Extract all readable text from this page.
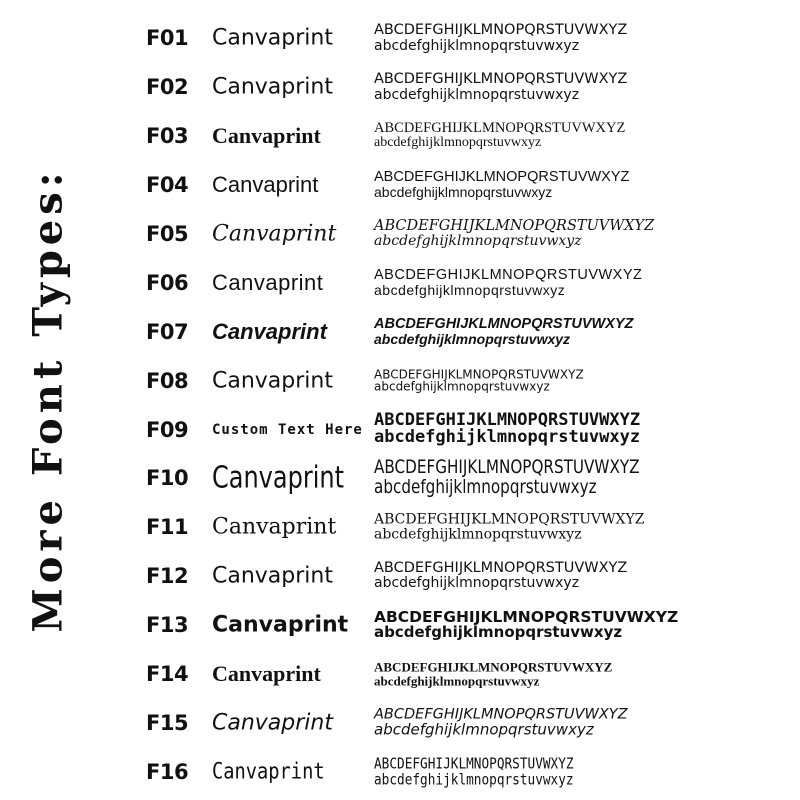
More Font Types:
F01 Canvaprint	ABCDEFGHIJKLMNOPQRSTUVWXYZ
abcdefghijklmnopqrstuvwxyz
F02 Canvaprint	ABCDEFGHIJKLMNOPQRSTUVWXYZ
abcdefghijklmnopqrstuvwxyz
F03 Canvaprint	ABCDEFGHIJKLMNOPQRSTUVWXYZ
abcdefghijklmnopqrstuvwxyz
F04 Canvaprint	ABCDEFGHIJKLMNOPQRSTUVWXYZ
abcdefghijklmnopqrstuvwxyz
F05 Canvaprint	ABCDEFGHIJKLMNOPQRSTUVWXYZ
abcdefghijklmnopqrstuvwxyz
F06 Canvaprint	ABCDEFGHIJKLMNOPQRSTUVWXYZ
abcdefghijklmnopqrstuvwxyz
F07 Canvaprint	ABCDEFGHIJKLMNOPQRSTUVWXYZ
abcdefghijklmnopqrstuvwxyz
F08 Canvaprint	ABCDEFGHIJKLMNOPQRSTUVWXYZ
abcdefghijklmnopqrstuvwxyz
F09 Custom Text Here ABCDEFGHIJKLMNOPQRSTUVWXYZ
abcdefghijklmnopqrstuvwxyz
F10 Canvaprint ABCDEFGHIJKLMNOPQRSTUVWXYZ
abcdefghijklmnopqrstuvwxyz
F11 Canvaprint	ABCDEFGHIJKLMNOPQRSTUVWXYZ
abcdefghijklmnopqrstuvwxyz
F12 Canvaprint	ABCDEFGHIJKLMNOPQRSTUVWXYZ
abcdefghijklmnopqrstuvwxyz
F13 Canvaprint ABCDEFGHIJKLMNOPQRSTUVWXYZ
abcdefghijklmnopqrstuvwxyz
F14 Canvaprint	ABCDEFGHIJKLMNOPQRSTUVWXYZ
abcdefghijklmnopqrstuvwxyz
F15 Canvaprint	ABCDEFGHIJKLMNOPQRSTUVWXYZ
abcdefghijklmnopqrstuvwxyz
F16 Canvaprint	ABCDEFGHIJKLMNOPQRSTUVWXYZ
abcdefghijklmnopqrstuvwxyz
